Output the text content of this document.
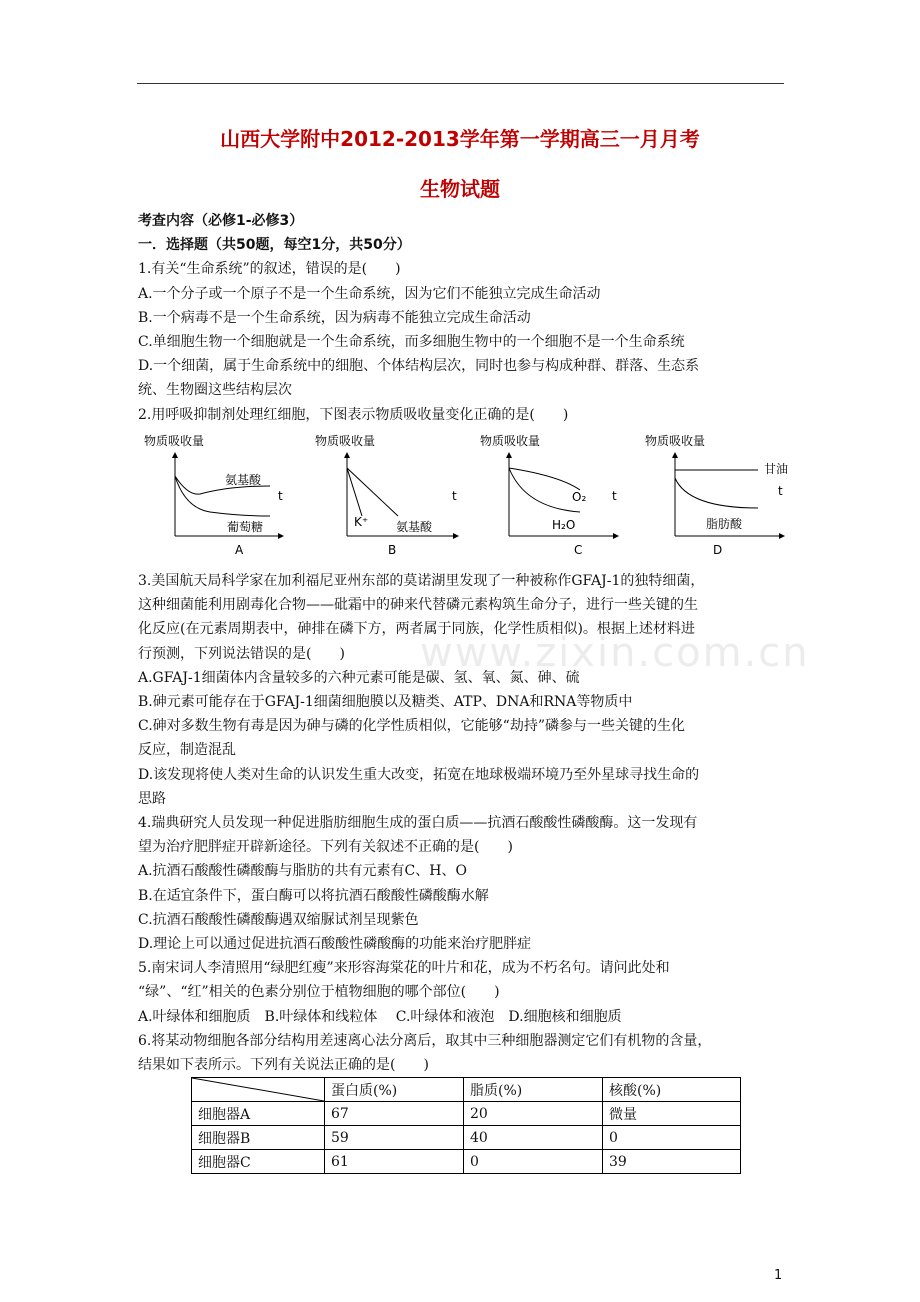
山西大学附中2012-2013学年第一学期高三一月月考
生物试题
www.zixin.com.cn
考查内容（必修1-必修3）
一．选择题（共50题，每空1分，共50分）
1.有关“生命系统”的叙述，错误的是(　　)
A.一个分子或一个原子不是一个生命系统，因为它们不能独立完成生命活动
B.一个病毒不是一个生命系统，因为病毒不能独立完成生命活动
C.单细胞生物一个细胞就是一个生命系统，而多细胞生物中的一个细胞不是一个生命系统
D.一个细菌，属于生命系统中的细胞、个体结构层次，同时也参与构成种群、群落、生态系
统、生物圈这些结构层次
2.用呼吸抑制剂处理红细胞，下图表示物质吸收量变化正确的是(　　)
物质吸收量
t
氨基酸
葡萄糖
A
物质吸收量
t
K⁺ 氨基酸
B
物质吸收量
t
O₂
H₂O
C
物质吸收量
t
甘油
脂肪酸
D
3.美国航天局科学家在加利福尼亚州东部的莫诺湖里发现了一种被称作GFAJ-1的独特细菌，
这种细菌能利用剧毒化合物——砒霜中的砷来代替磷元素构筑生命分子，进行一些关键的生
化反应(在元素周期表中，砷排在磷下方，两者属于同族，化学性质相似)。根据上述材料进
行预测，下列说法错误的是(　　)
A.GFAJ-1细菌体内含量较多的六种元素可能是碳、氢、氧、氮、砷、硫
B.砷元素可能存在于GFAJ-1细菌细胞膜以及糖类、ATP、DNA和RNA等物质中
C.砷对多数生物有毒是因为砷与磷的化学性质相似，它能够“劫持”磷参与一些关键的生化
反应，制造混乱
D.该发现将使人类对生命的认识发生重大改变，拓宽在地球极端环境乃至外星球寻找生命的
思路
4.瑞典研究人员发现一种促进脂肪细胞生成的蛋白质——抗酒石酸酸性磷酸酶。这一发现有
望为治疗肥胖症开辟新途径。下列有关叙述不正确的是(　　)
A.抗酒石酸酸性磷酸酶与脂肪的共有元素有C、H、O
B.在适宜条件下，蛋白酶可以将抗酒石酸酸性磷酸酶水解
C.抗酒石酸酸性磷酸酶遇双缩脲试剂呈现紫色
D.理论上可以通过促进抗酒石酸酸性磷酸酶的功能来治疗肥胖症
5.南宋词人李清照用“绿肥红瘦”来形容海棠花的叶片和花，成为不朽名句。请问此处和
“绿”、“红”相关的色素分别位于植物细胞的哪个部位(　　)
A.叶绿体和细胞质　B.叶绿体和线粒体　 C.叶绿体和液泡　D.细胞核和细胞质
6.将某动物细胞各部分结构用差速离心法分离后，取其中三种细胞器测定它们有机物的含量，
结果如下表所示。下列有关说法正确的是(　　)
	蛋白质(%)	脂质(%)	核酸(%)
细胞器A	67	20	微量
细胞器B	59	40	0
细胞器C	61	0	39
1
